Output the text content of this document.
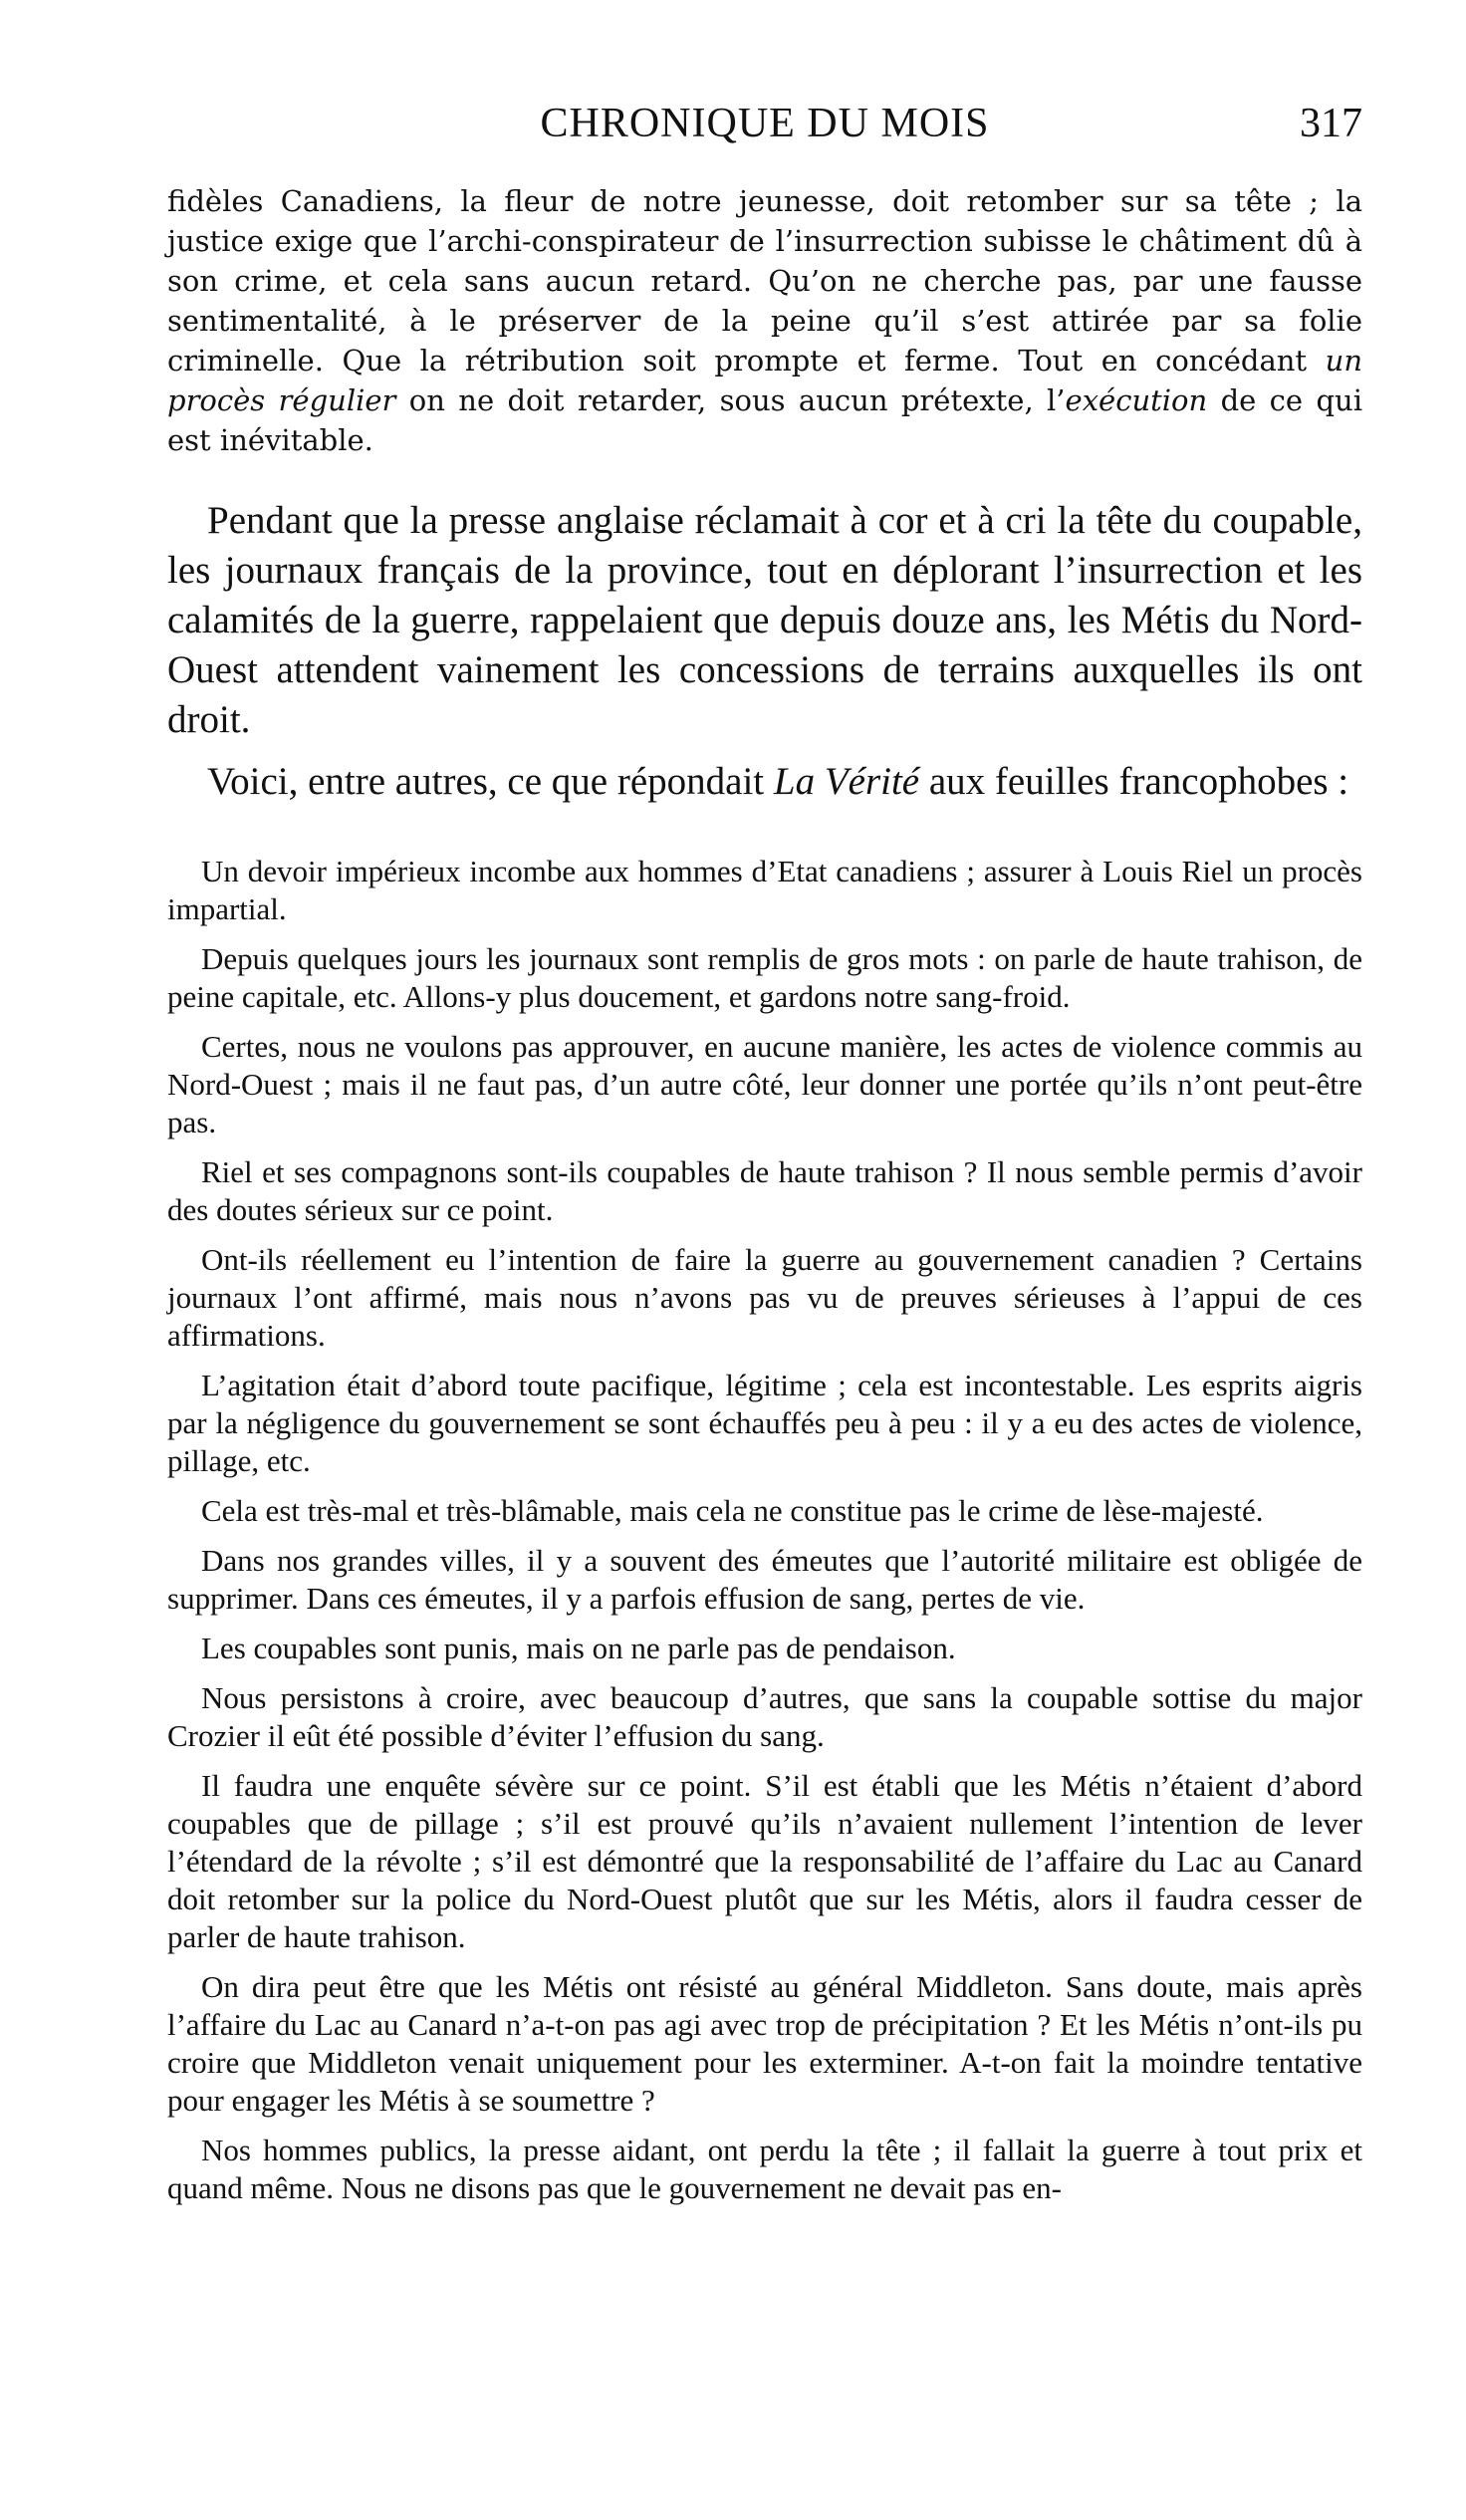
CHRONIQUE DU MOIS	317

fidèles Canadiens, la fleur de notre jeunesse, doit retomber sur sa tête ; la justice exige que l’archi-conspirateur de l’insurrection subisse le châtiment dû à son crime, et cela sans aucun retard. Qu’on ne cherche pas, par une fausse sentimentalité, à le préserver de la peine qu’il s’est attirée par sa folie criminelle. Que la rétribution soit prompte et ferme. Tout en concédant un procès régulier on ne doit retarder, sous aucun prétexte, l’exécution de ce qui est inévitable.

Pendant que la presse anglaise réclamait à cor et à cri la tête du coupable, les journaux français de la province, tout en déplorant l’insurrection et les calamités de la guerre, rappelaient que depuis douze ans, les Métis du Nord-Ouest attendent vainement les concessions de terrains auxquelles ils ont droit.

Voici, entre autres, ce que répondait La Vérité aux feuilles francophobes :

Un devoir impérieux incombe aux hommes d’Etat canadiens ; assurer à Louis Riel un procès impartial.

Depuis quelques jours les journaux sont remplis de gros mots : on parle de haute trahison, de peine capitale, etc. Allons-y plus doucement, et gardons notre sang-froid.

Certes, nous ne voulons pas approuver, en aucune manière, les actes de violence commis au Nord-Ouest ; mais il ne faut pas, d’un autre côté, leur donner une portée qu’ils n’ont peut-être pas.

Riel et ses compagnons sont-ils coupables de haute trahison ? Il nous semble permis d’avoir des doutes sérieux sur ce point.

Ont-ils réellement eu l’intention de faire la guerre au gouvernement canadien ? Certains journaux l’ont affirmé, mais nous n’avons pas vu de preuves sérieuses à l’appui de ces affirmations.

L’agitation était d’abord toute pacifique, légitime ; cela est incontestable. Les esprits aigris par la négligence du gouvernement se sont échauffés peu à peu : il y a eu des actes de violence, pillage, etc.

Cela est très-mal et très-blâmable, mais cela ne constitue pas le crime de lèse-majesté.

Dans nos grandes villes, il y a souvent des émeutes que l’autorité militaire est obligée de supprimer. Dans ces émeutes, il y a parfois effusion de sang, pertes de vie.

Les coupables sont punis, mais on ne parle pas de pendaison.

Nous persistons à croire, avec beaucoup d’autres, que sans la coupable sottise du major Crozier il eût été possible d’éviter l’effusion du sang.

Il faudra une enquête sévère sur ce point. S’il est établi que les Métis n’étaient d’abord coupables que de pillage ; s’il est prouvé qu’ils n’avaient nullement l’intention de lever l’étendard de la révolte ; s’il est démontré que la responsabilité de l’affaire du Lac au Canard doit retomber sur la police du Nord-Ouest plutôt que sur les Métis, alors il faudra cesser de parler de haute trahison.

On dira peut être que les Métis ont résisté au général Middleton. Sans doute, mais après l’affaire du Lac au Canard n’a-t-on pas agi avec trop de précipitation ? Et les Métis n’ont-ils pu croire que Middleton venait uniquement pour les exterminer. A-t-on fait la moindre tentative pour engager les Métis à se soumettre ?

Nos hommes publics, la presse aidant, ont perdu la tête ; il fallait la guerre à tout prix et quand même. Nous ne disons pas que le gouvernement ne devait pas en-
